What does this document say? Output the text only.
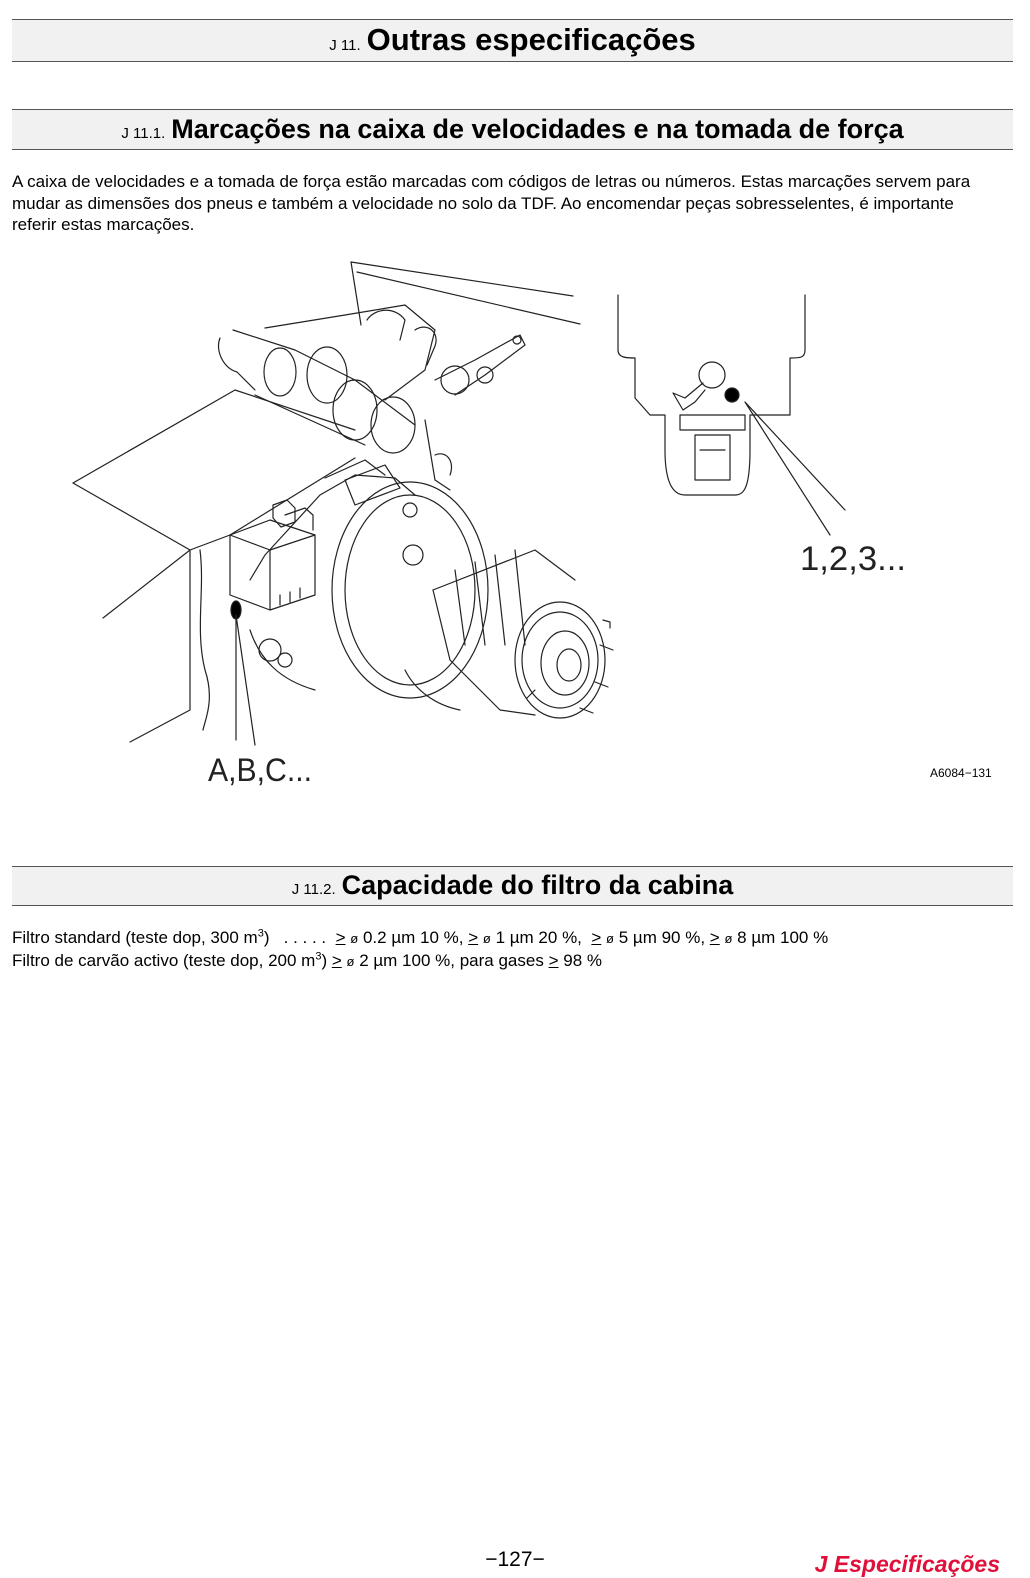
J 11. Outras especificações
J 11.1. Marcações na caixa de velocidades e na tomada de força
A caixa de velocidades e a tomada de força estão marcadas com códigos de letras ou números. Estas marcações servem para mudar as dimensões dos pneus e também a velocidade no solo da TDF. Ao encomendar peças sobresselentes, é importante referir estas marcações.
1,2,3...
A,B,C...	A6084−131
J 11.2. Capacidade do filtro da cabina
Filtro standard (teste dop, 300 $m^3$)   . . . . . > ø 0.2 µm 10 %, > ø 1 µm 20 %, > ø 5 µm 90 %, > ø 8 µm 100 %
Filtro de carvão activo (teste dop, 200 $m^3$) > ø 2 µm 100 %, para gases > 98 %
−127−	J Especificações
